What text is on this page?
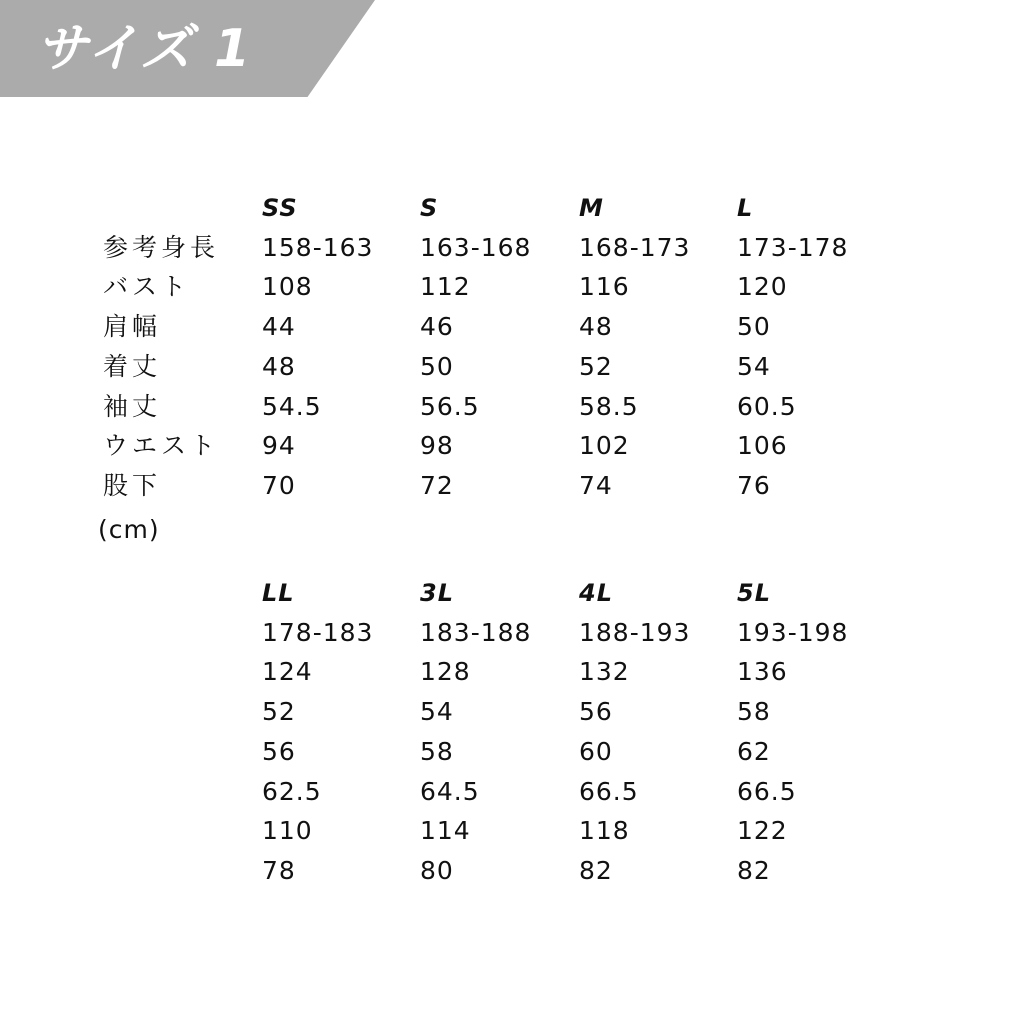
サイズ 1
SS	S	M	L
参考身長 158-163 163-168 168-173 173-178
バスト	108	112	116	120
肩幅	44	46	48	50
着丈	48	50	52	54
袖丈	54.5	56.5	58.5	60.5
ウエスト 94	98	102	106
股下	70	72	74	76
LL	3L	4L	5L
178-183 183-188 188-193 193-198
124	128	132	136
52	54	56	58
56	58	60	62
62.5	64.5	66.5	66.5
110	114	118	122
78	80	82	82
(cm)
